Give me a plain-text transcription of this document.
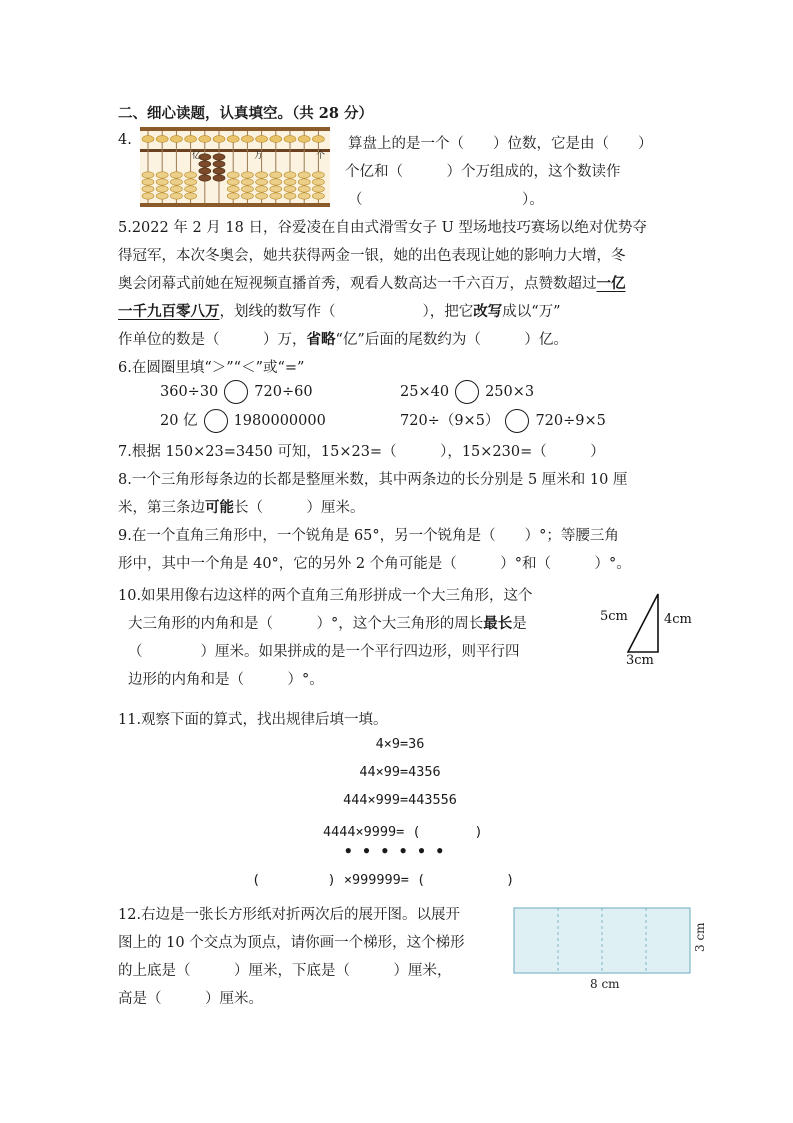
二、细心读题，认真填空。（共 28 分）
4.
亿	万	个
算盘上的是一个（　　）位数，它是由（　　）
个亿和（　　　）个万组成的，这个数读作
（　　　　　　　　　　　）。
5.2022 年 2 月 18 日，谷爱凌在自由式滑雪女子 U 型场地技巧赛场以绝对优势夺
得冠军，本次冬奥会，她共获得两金一银，她的出色表现让她的影响力大增，冬
奥会闭幕式前她在短视频直播首秀，观看人数高达一千六百万，点赞数超过一亿
一千九百零八万，划线的数写作（　　　　　　），把它改写成以“万”
作单位的数是（　　　）万，省略“亿”后面的尾数约为（　　　）亿。
6.在圆圈里填“＞”“＜”或“=”
360÷30 720÷60	25×40 250×3
20 亿 1980000000	720÷（9×5） 720÷9×5
7.根据 150×23=3450 可知，15×23=（　　　），15×230=（　　　）
8.一个三角形每条边的长都是整厘米数，其中两条边的长分别是 5 厘米和 10 厘
米，第三条边可能长（　　　）厘米。
9.在一个直角三角形中，一个锐角是 65°，另一个锐角是（　　）°；等腰三角
形中，其中一个角是 40°，它的另外 2 个角可能是（　　　）°和（　　　）°。
10.如果用像右边这样的两个直角三角形拼成一个大三角形，这个
大三角形的内角和是（　　　）°，这个大三角形的周长最长是
（　　　　）厘米。如果拼成的是一个平行四边形，则平行四
边形的内角和是（　　　）°。
5cm	4cm
3cm
11.观察下面的算式，找出规律后填一填。
4×9=36
44×99=4356
444×999=443556
4444×9999= (　　　　)
• • • • • •
(　　　　　) ×999999= (　　　　　　)
12.右边是一张长方形纸对折两次后的展开图。以展开
图上的 10 个交点为顶点，请你画一个梯形，这个梯形
的上底是（　　　）厘米，下底是（　　　）厘米，
高是（　　　）厘米。
8 cm
3 cm
